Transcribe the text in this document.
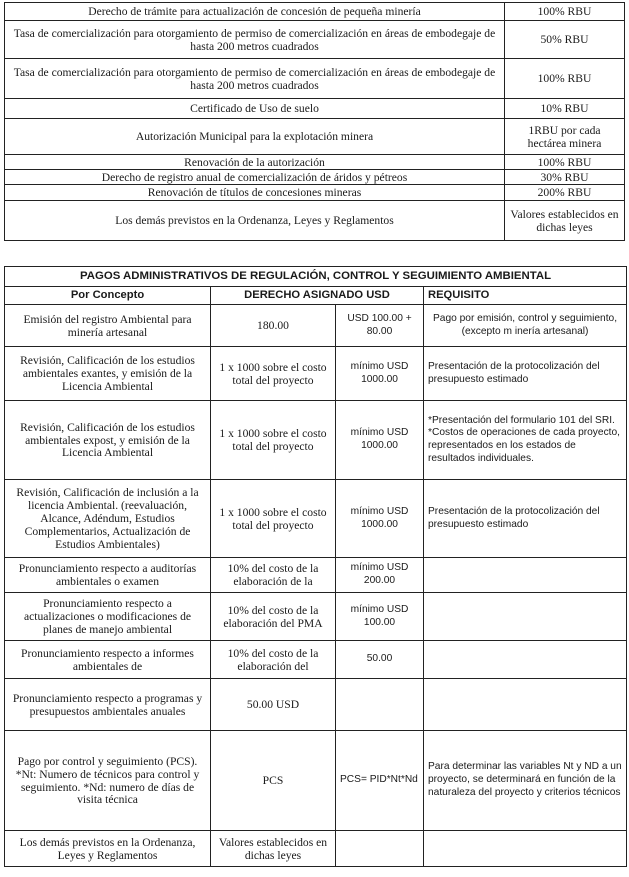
Derecho de trámite para actualización de concesión de pequeña minería	100% RBU
Tasa de comercialización para otorgamiento de permiso de comercialización en áreas de embodegaje de hasta 200 metros cuadrados	50% RBU
Tasa de comercialización para otorgamiento de permiso de comercialización en áreas de embodegaje de hasta 200 metros cuadrados	100% RBU
Certificado de Uso de suelo	10% RBU
Autorización Municipal para la explotación minera	1RBU por cada hectárea minera
Renovación de la autorización	100% RBU
Derecho de registro anual de comercialización de áridos y pétreos	30% RBU
Renovación de títulos de concesiones mineras	200% RBU
Los demás previstos en la Ordenanza, Leyes y Reglamentos	Valores establecidos en dichas leyes
PAGOS ADMINISTRATIVOS DE REGULACIÓN, CONTROL Y SEGUIMIENTO AMBIENTAL			
Por Concepto	DERECHO ASIGNADO USD		REQUISITO
Emisión del registro Ambiental para minería artesanal	180.00	USD 100.00 + 80.00	Pago por emisión, control y seguimiento, (excepto m inería artesanal)
Revisión, Calificación de los estudios ambientales exantes, y emisión de la Licencia Ambiental	1 x 1000 sobre el costo total del proyecto	mínimo USD 1000.00	Presentación de la protocolización del presupuesto estimado
Revisión, Calificación de los estudios ambientales expost, y emisión de la Licencia Ambiental	1 x 1000 sobre el costo total del proyecto	mínimo USD 1000.00	*Presentación del formulario 101 del SRI. *Costos de operaciones de cada proyecto, representados en los estados de resultados individuales.
Revisión, Calificación de inclusión a la licencia Ambiental. (reevaluación, Alcance, Adéndum, Estudios Complementarios, Actualización de Estudios Ambientales)	1 x 1000 sobre el costo total del proyecto	mínimo USD 1000.00	Presentación de la protocolización del presupuesto estimado
Pronunciamiento respecto a auditorías ambientales o examen	10% del costo de la elaboración de la	mínimo USD 200.00	
Pronunciamiento respecto a actualizaciones o modificaciones de planes de manejo ambiental	10% del costo de la elaboración del PMA	mínimo USD 100.00	
Pronunciamiento respecto a informes ambientales de	10% del costo de la elaboración del	50.00	
Pronunciamiento respecto a programas y presupuestos ambientales anuales	50.00 USD		
Pago por control y seguimiento (PCS). *Nt: Numero de técnicos para control y seguimiento. *Nd: numero de días de visita técnica	PCS	PCS= PID*Nt*Nd	Para determinar las variables Nt y ND a un proyecto, se determinará en función de la naturaleza del proyecto y criterios técnicos
Los demás previstos en la Ordenanza, Leyes y Reglamentos	Valores establecidos en dichas leyes		
